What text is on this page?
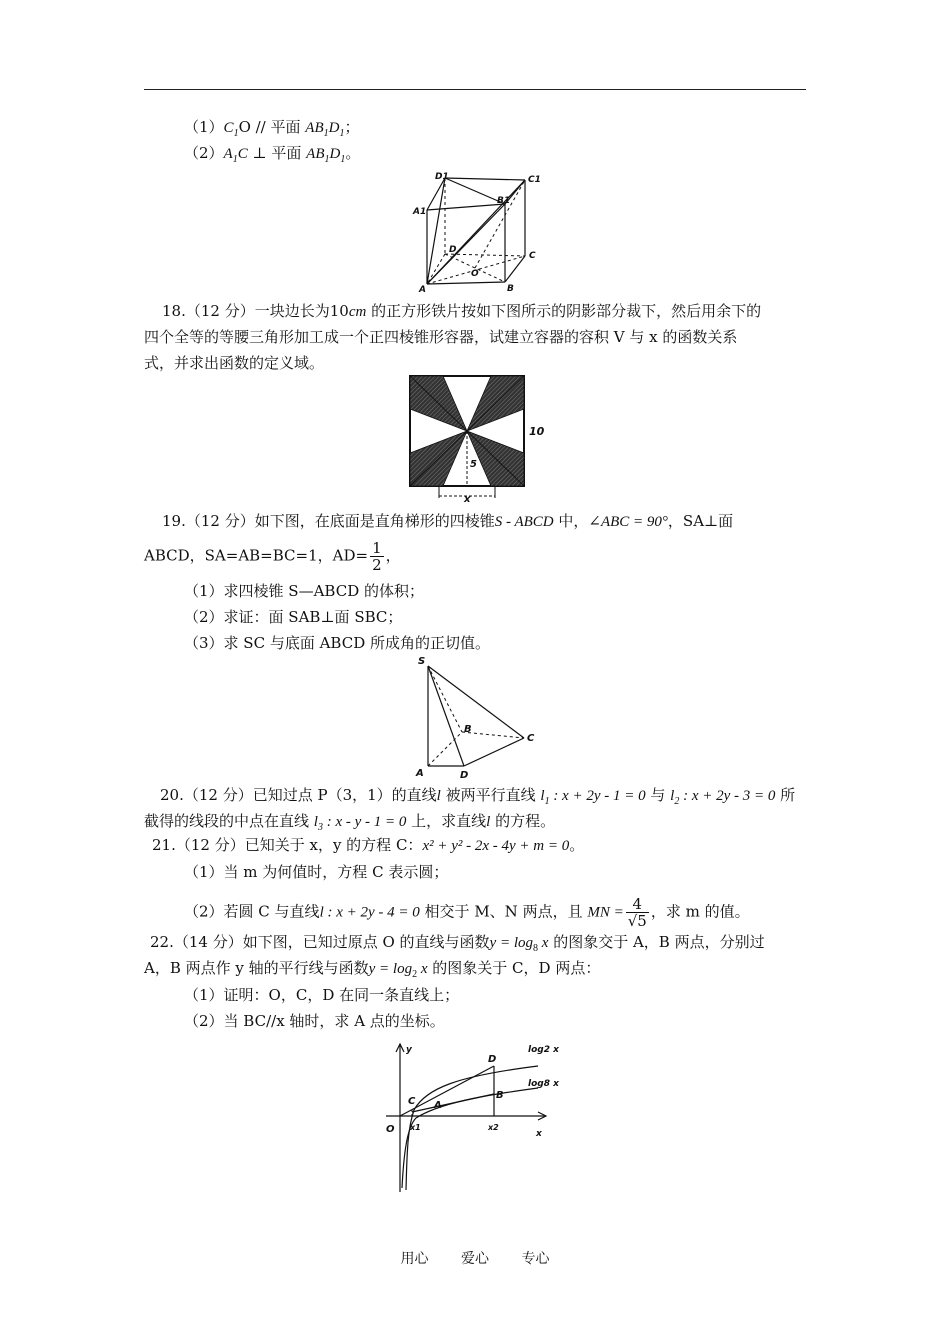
$(1)C_1O$ // 平面 $AB_1D_1$；
$(2)A_1C$ ⊥ 平面 $AB_1D_1$。
D1	C1
A1
B1
D
C
O
A	B
18.（12 分）一块边长为10cm 的正方形铁片按如下图所示的阴影部分裁下，然后用余下的
四个全等的等腰三角形加工成一个正四棱锥形容器，试建立容器的容积 V 与 x 的函数关系
式，并求出函数的定义域。
10
5
x
19.（12 分）如下图，在底面是直角梯形的四棱锥S - ABCD 中，∠ABC = 90°，SA⊥面
ABCD，SA=AB=BC=1，$AD= \frac{1}{2}$ ，
（1）求四棱锥 S—ABCD 的体积；
（2）求证：面 SAB⊥面 SBC；
（3）求 SC 与底面 ABCD 所成角的正切值。
S
A
B
C
D
20.（12 分）已知过点 P（3，1）的直线l 被两平行直线 $l_1$ : x + 2y - 1 = 0 与 $l_2$ : x + 2y - 3 = 0 所
截得的线段的中点在直线 $l_3$ : x - y - 1 = 0 上，求直线l 的方程。
21.（12 分）已知关于 x，y 的方程 C：x² + y² - 2x - 4y + m = 0。
（1）当 m 为何值时，方程 C 表示圆；
（2）若圆 C 与直线l : x + 2y - 4 = 0 相交于 M、N 两点，且 MN = $\frac{4}{√5}$ ，求 m 的值。
22.（14 分）如下图，已知过原点 O 的直线与函数$y = \log_8 x$ 的图象交于 A，B 两点，分别过
A，B 两点作 y 轴的平行线与函数$y = \log_2 x$ 的图象关于 C，D 两点：
（1）证明：O，C，D 在同一条直线上；
（2）当 BC//x 轴时，求 A 点的坐标。
y
O	x
x1	x2
C A
D
B
log2 x
log8 x
用心 爱心 专心
